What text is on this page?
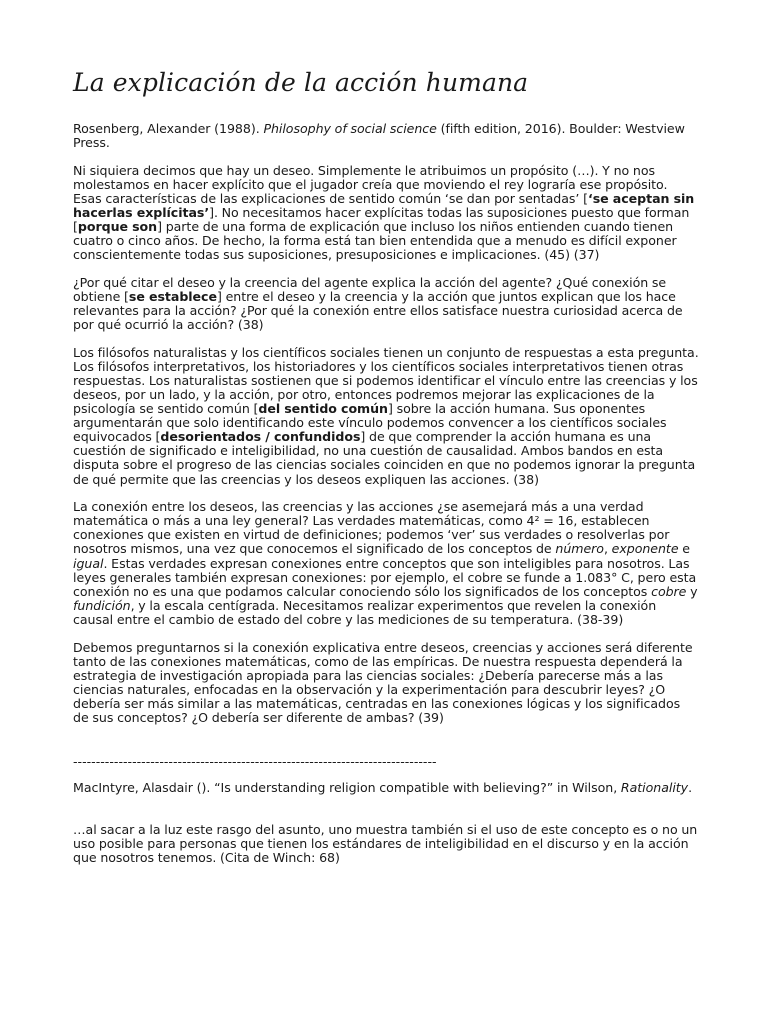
La explicación de la acción humana

Rosenberg, Alexander (1988). Philosophy of social science (fifth edition, 2016). Boulder: Westview Press.

Ni siquiera decimos que hay un deseo. Simplemente le atribuimos un propósito (…). Y no nos molestamos en hacer explícito que el jugador creía que moviendo el rey lograría ese propósito. Esas características de las explicaciones de sentido común ‘se dan por sentadas’ [‘se aceptan sin hacerlas explícitas’]. No necesitamos hacer explícitas todas las suposiciones puesto que forman [porque son] parte de una forma de explicación que incluso los niños entienden cuando tienen cuatro o cinco años. De hecho, la forma está tan bien entendida que a menudo es difícil exponer conscientemente todas sus suposiciones, presuposiciones e implicaciones. (45) (37)

¿Por qué citar el deseo y la creencia del agente explica la acción del agente? ¿Qué conexión se obtiene [se establece] entre el deseo y la creencia y la acción que juntos explican que los hace relevantes para la acción? ¿Por qué la conexión entre ellos satisface nuestra curiosidad acerca de por qué ocurrió la acción? (38)

Los filósofos naturalistas y los científicos sociales tienen un conjunto de respuestas a esta pregunta. Los filósofos interpretativos, los historiadores y los científicos sociales interpretativos tienen otras respuestas. Los naturalistas sostienen que si podemos identificar el vínculo entre las creencias y los deseos, por un lado, y la acción, por otro, entonces podremos mejorar las explicaciones de la psicología se sentido común [del sentido común] sobre la acción humana. Sus oponentes argumentarán que solo identificando este vínculo podemos convencer a los científicos sociales equivocados [desorientados / confundidos] de que comprender la acción humana es una cuestión de significado e inteligibilidad, no una cuestión de causalidad. Ambos bandos en esta disputa sobre el progreso de las ciencias sociales coinciden en que no podemos ignorar la pregunta de qué permite que las creencias y los deseos expliquen las acciones. (38)

La conexión entre los deseos, las creencias y las acciones ¿se asemejará más a una verdad matemática o más a una ley general? Las verdades matemáticas, como 4² = 16, establecen conexiones que existen en virtud de definiciones; podemos ‘ver’ sus verdades o resolverlas por nosotros mismos, una vez que conocemos el significado de los conceptos de número, exponente e igual. Estas verdades expresan conexiones entre conceptos que son inteligibles para nosotros. Las leyes generales también expresan conexiones: por ejemplo, el cobre se funde a 1.083° C, pero esta conexión no es una que podamos calcular conociendo sólo los significados de los conceptos cobre y fundición, y la escala centígrada. Necesitamos realizar experimentos que revelen la conexión causal entre el cambio de estado del cobre y las mediciones de su temperatura. (38-39)

Debemos preguntarnos si la conexión explicativa entre deseos, creencias y acciones será diferente tanto de las conexiones matemáticas, como de las empíricas. De nuestra respuesta dependerá la estrategia de investigación apropiada para las ciencias sociales: ¿Debería parecerse más a las ciencias naturales, enfocadas en la observación y la experimentación para descubrir leyes? ¿O debería ser más similar a las matemáticas, centradas en las conexiones lógicas y los significados de sus conceptos? ¿O debería ser diferente de ambas? (39)

--------------------------------------------------------------------------------

MacIntyre, Alasdair (). “Is understanding religion compatible with believing?” in Wilson, Rationality.

…al sacar a la luz este rasgo del asunto, uno muestra también si el uso de este concepto es o no un uso posible para personas que tienen los estándares de inteligibilidad en el discurso y en la acción que nosotros tenemos. (Cita de Winch: 68)
